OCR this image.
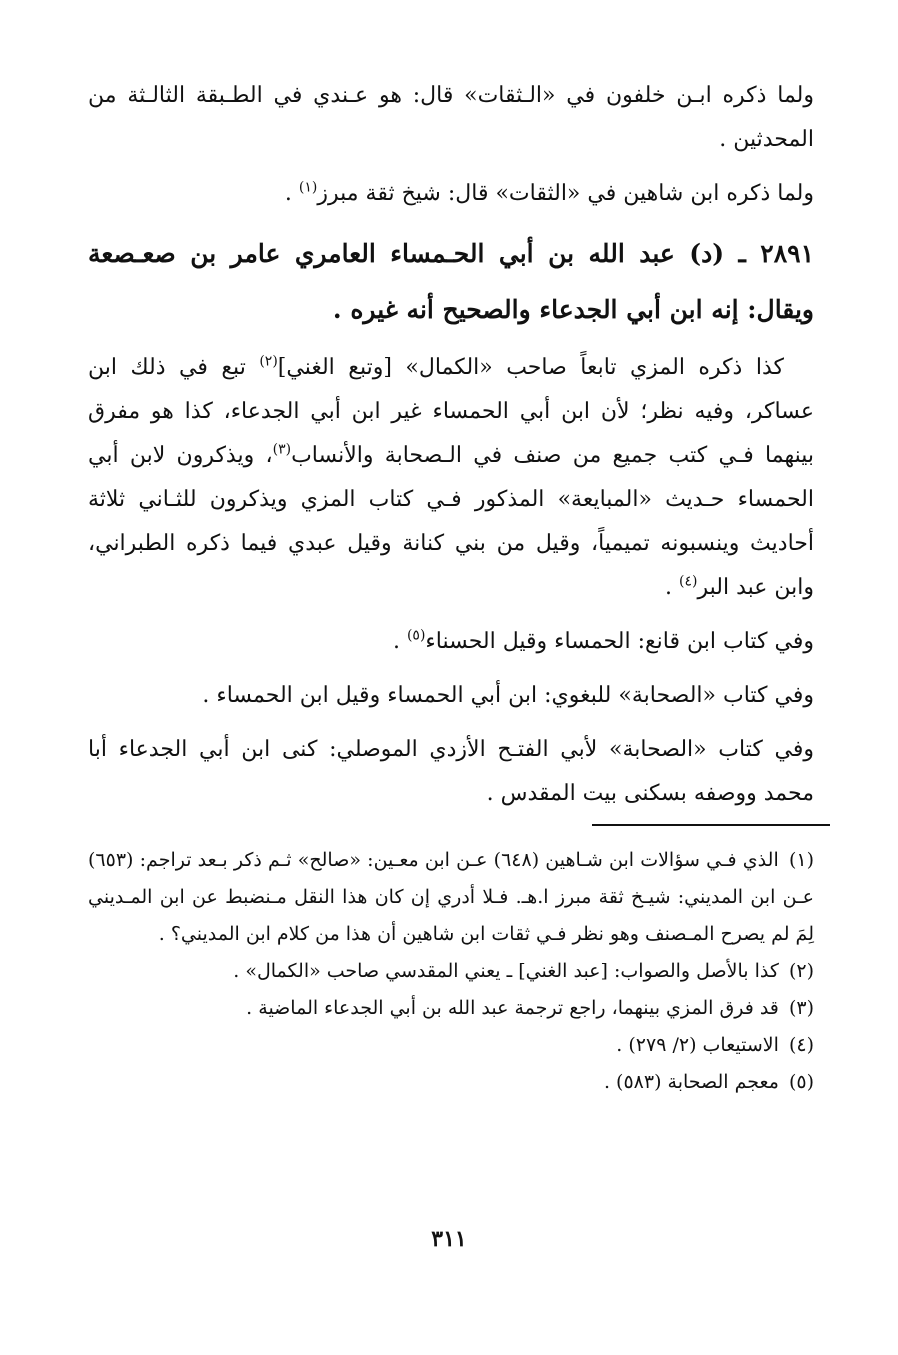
ولما ذكره ابـن خلفون في «الـثقات» قال: هو عـندي في الطـبقة الثالـثة من المحدثين .

ولما ذكره ابن شاهين في «الثقات» قال: شيخ ثقة مبرز$^{(١)}$ .

٢٨٩١ ـ (د) عبد الله بن أبي الحـمساء العامري عامر بن صعـصعة ويقال: إنه ابن أبي الجدعاء والصحيح أنه غيره .

كذا ذكره المزي تابعاً صاحب «الكمال» [وتبع الغني]$^{(٢)}$ تبع في ذلك ابن عساكر، وفيه نظر؛ لأن ابن أبي الحمساء غير ابن أبي الجدعاء، كذا هو مفرق بينهما فـي كتب جميع من صنف في الـصحابة والأنساب$^{(٣)}$، ويذكرون لابن أبي الحمساء حـديث «المبايعة» المذكور فـي كتاب المزي ويذكرون للثـاني ثلاثة أحاديث وينسبونه تميمياً، وقيل من بني كنانة وقيل عبدي فيما ذكره الطبراني، وابن عبد البر$^{(٤)}$ .

وفي كتاب ابن قانع: الحمساء وقيل الحسناء$^{(٥)}$ .

وفي كتاب «الصحابة» للبغوي: ابن أبي الحمساء وقيل ابن الحمساء .

وفي كتاب «الصحابة» لأبي الفتـح الأزدي الموصلي: كنى ابن أبي الجدعاء أبا محمد ووصفه بسكنى بيت المقدس .

(١) الذي فـي سؤالات ابن شـاهين (٦٤٨) عـن ابن معـين: «صالح» ثـم ذكر بـعد تراجم: (٦٥٣) عـن ابن المديني: شيـخ ثقة مبرز ا.هـ. فـلا أدري إن كان هذا النقل مـنضبط عن ابن المـديني لِمَ لم يصرح المـصنف وهو نظر فـي ثقات ابن شاهين أن هذا من كلام ابن المديني؟ .

(٢) كذا بالأصل والصواب: [عبد الغني] ـ يعني المقدسي صاحب «الكمال» .

(٣) قد فرق المزي بينهما، راجع ترجمة عبد الله بن أبي الجدعاء الماضية .

(٤) الاستيعاب (٢/ ٢٧٩) .

(٥) معجم الصحابة (٥٨٣) .

٣١١
